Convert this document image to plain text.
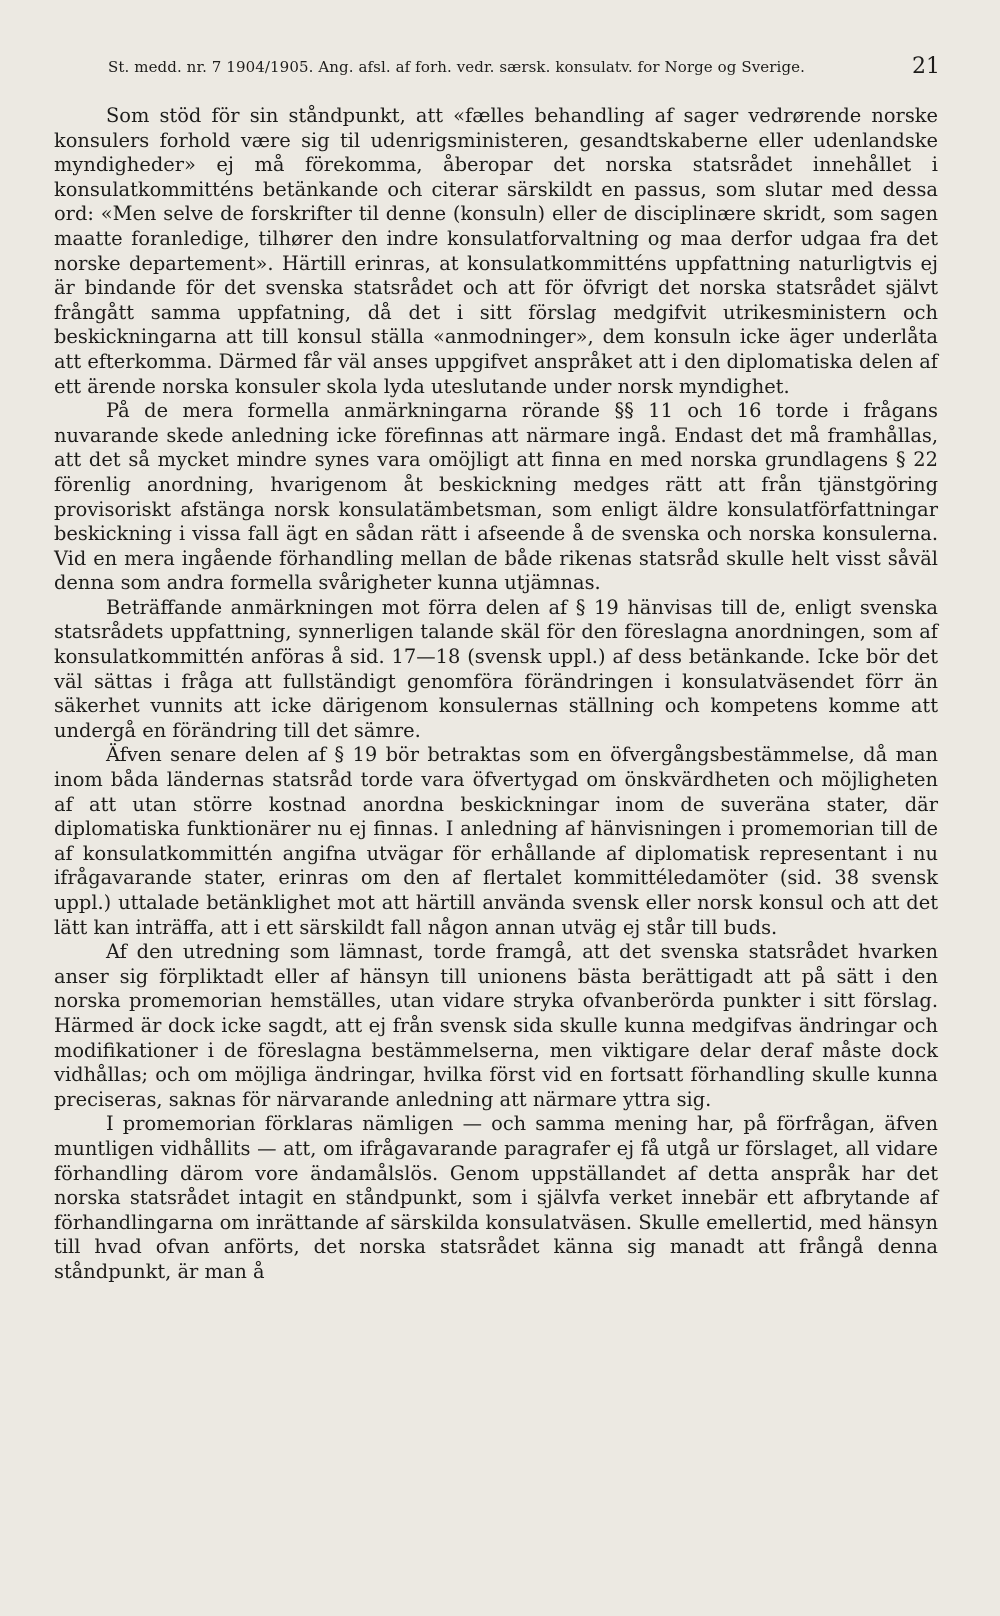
St. medd. nr. 7 1904/1905. Ang. afsl. af forh. vedr. særsk. konsulatv. for Norge og Sverige.	21

Som stöd för sin ståndpunkt, att «fælles behandling af sager vedrørende norske konsulers forhold være sig til udenrigsministeren, gesandtskaberne eller udenlandske myndigheder» ej må förekomma, åberopar det norska statsrådet innehållet i konsulatkommitténs betänkande och citerar särskildt en passus, som slutar med dessa ord: «Men selve de forskrifter til denne (konsuln) eller de disciplinære skridt, som sagen maatte foranledige, tilhører den indre konsulatforvaltning og maa derfor udgaa fra det norske departement». Härtill erinras, at konsulatkommitténs uppfattning naturligtvis ej är bindande för det svenska statsrådet och att för öfvrigt det norska statsrådet självt frångått samma uppfatning, då det i sitt förslag medgifvit utrikesministern och beskickningarna att till konsul ställa «anmodninger», dem konsuln icke äger underlåta att efterkomma. Därmed får väl anses uppgifvet anspråket att i den diplomatiska delen af ett ärende norska konsuler skola lyda uteslutande under norsk myndighet.

På de mera formella anmärkningarna rörande §§ 11 och 16 torde i frågans nuvarande skede anledning icke förefinnas att närmare ingå. Endast det må framhållas, att det så mycket mindre synes vara omöjligt att finna en med norska grundlagens § 22 förenlig anordning, hvarigenom åt beskickning medges rätt att från tjänstgöring provisoriskt afstänga norsk konsulatämbetsman, som enligt äldre konsulatförfattningar beskickning i vissa fall ägt en sådan rätt i afseende å de svenska och norska konsulerna. Vid en mera ingående förhandling mellan de både rikenas statsråd skulle helt visst såväl denna som andra formella svårigheter kunna utjämnas.

Beträffande anmärkningen mot förra delen af § 19 hänvisas till de, enligt svenska statsrådets uppfattning, synnerligen talande skäl för den föreslagna anordningen, som af konsulatkommittén anföras å sid. 17—18 (svensk uppl.) af dess betänkande. Icke bör det väl sättas i fråga att fullständigt genomföra förändringen i konsulatväsendet förr än säkerhet vunnits att icke därigenom konsulernas ställning och kompetens komme att undergå en förändring till det sämre.

Äfven senare delen af § 19 bör betraktas som en öfvergångsbestämmelse, då man inom båda ländernas statsråd torde vara öfvertygad om önskvärdheten och möjligheten af att utan större kostnad anordna beskickningar inom de suveräna stater, där diplomatiska funktionärer nu ej finnas. I anledning af hänvisningen i promemorian till de af konsulatkommittén angifna utvägar för erhållande af diplomatisk representant i nu ifrågavarande stater, erinras om den af flertalet kommittéledamöter (sid. 38 svensk uppl.) uttalade betänklighet mot att härtill använda svensk eller norsk konsul och att det lätt kan inträffa, att i ett särskildt fall någon annan utväg ej står till buds.

Af den utredning som lämnast, torde framgå, att det svenska statsrådet hvarken anser sig förpliktadt eller af hänsyn till unionens bästa berättigadt att på sätt i den norska promemorian hemställes, utan vidare stryka ofvanberörda punkter i sitt förslag. Härmed är dock icke sagdt, att ej från svensk sida skulle kunna medgifvas ändringar och modifikationer i de föreslagna bestämmelserna, men viktigare delar deraf måste dock vidhållas; och om möjliga ändringar, hvilka först vid en fortsatt förhandling skulle kunna preciseras, saknas för närvarande anledning att närmare yttra sig.

I promemorian förklaras nämligen — och samma mening har, på förfrågan, äfven muntligen vidhållits — att, om ifrågavarande paragrafer ej få utgå ur förslaget, all vidare förhandling därom vore ändamålslös. Genom uppställandet af detta anspråk har det norska statsrådet intagit en ståndpunkt, som i självfa verket innebär ett afbrytande af förhandlingarna om inrättande af särskilda konsulatväsen. Skulle emellertid, med hänsyn till hvad ofvan anförts, det norska statsrådet känna sig manadt att frångå denna ståndpunkt, är man å
